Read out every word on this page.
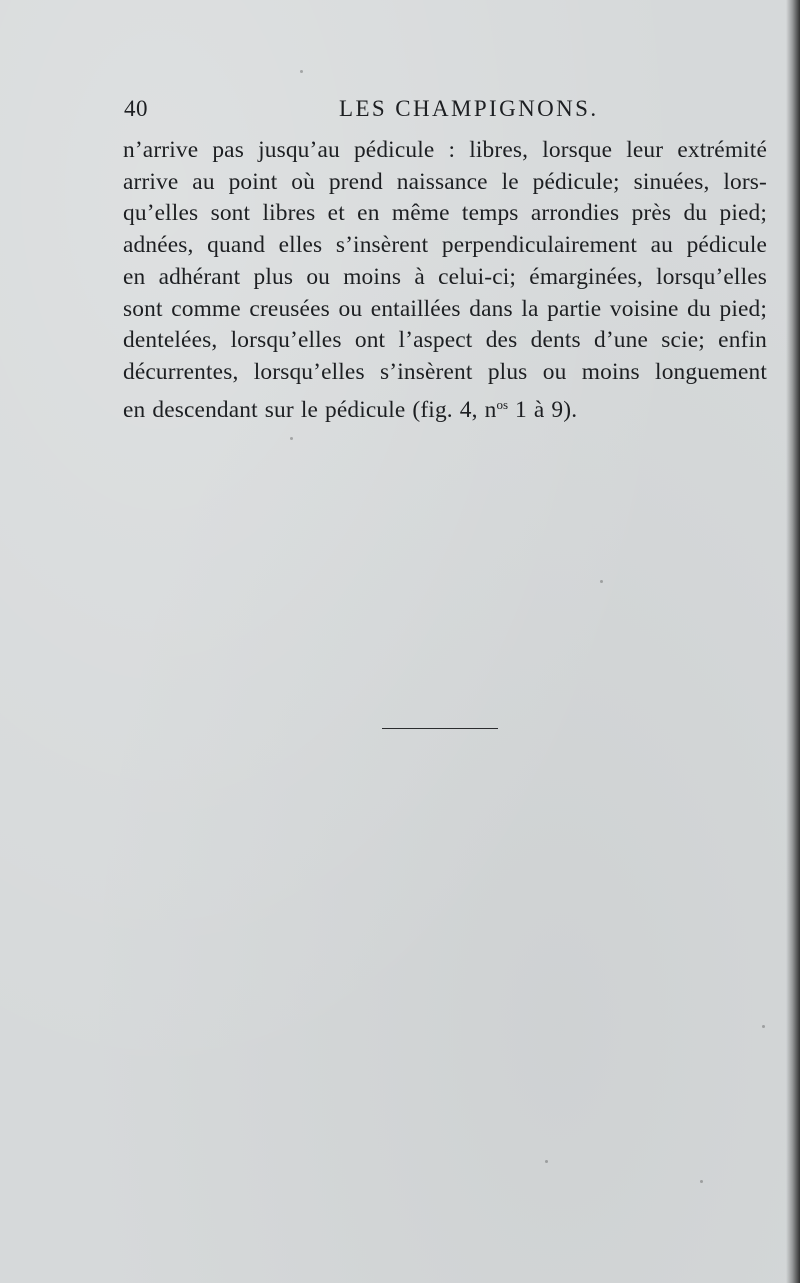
40	LES CHAMPIGNONS.

n’arrive pas jusqu’au pédicule : libres, lorsque leur extrémité
arrive au point où prend naissance le pédicule; sinuées, lors-
qu’elles sont libres et en même temps arrondies près du pied;
adnées, quand elles s’insèrent perpendiculairement au pédicule
en adhérant plus ou moins à celui-ci; émarginées, lorsqu’elles
sont comme creusées ou entaillées dans la partie voisine du pied;
dentelées, lorsqu’elles ont l’aspect des dents d’une scie; enfin
décurrentes, lorsqu’elles s’insèrent plus ou moins longuement
en descendant sur le pédicule (fig. 4, $n^{os}$ 1 à 9).
